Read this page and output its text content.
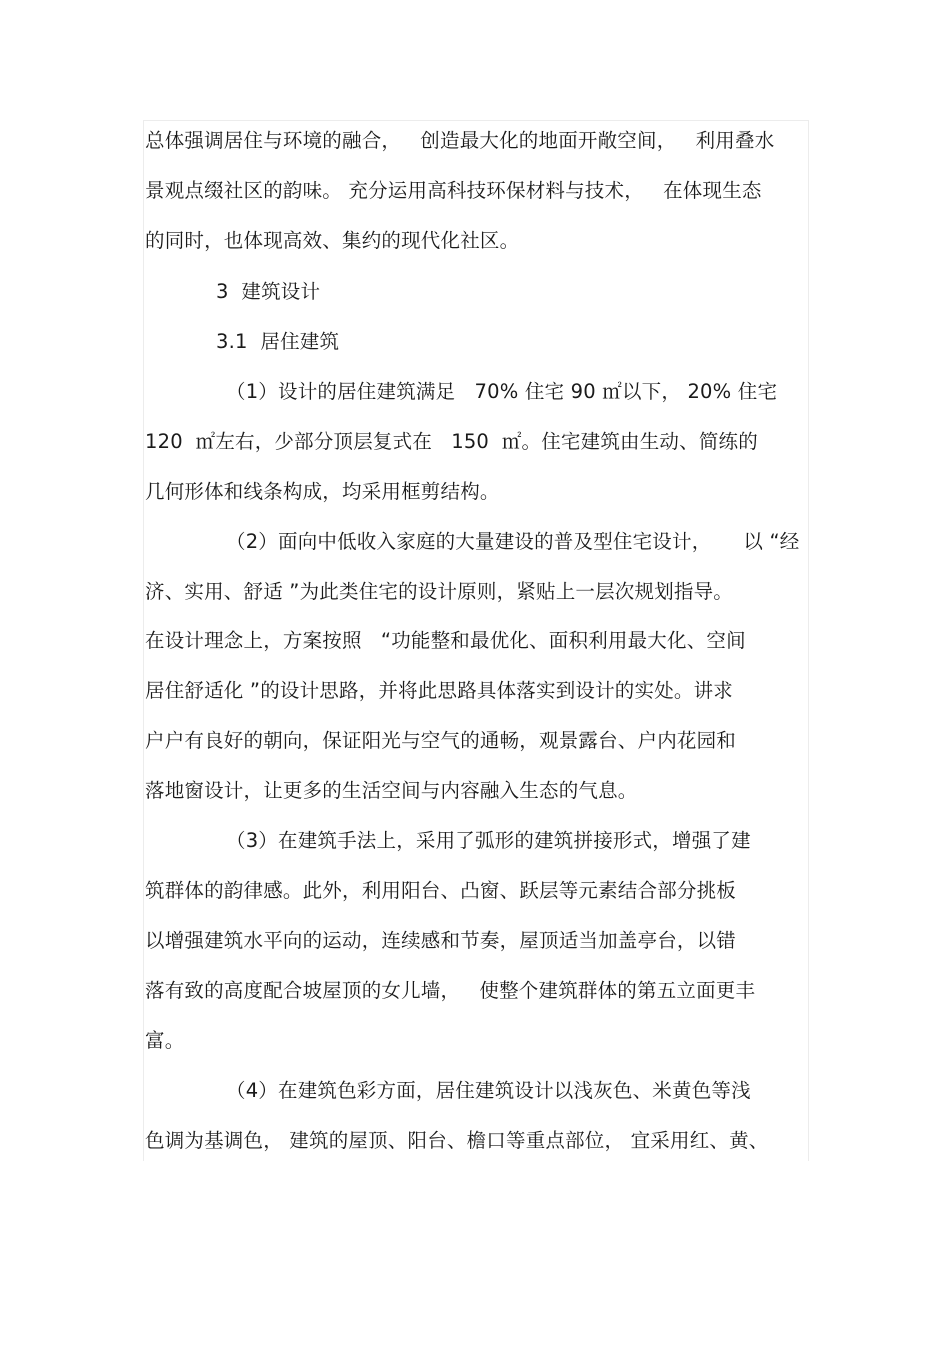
总体强调居住与环境的融合，   创造最大化的地面开敞空间，   利用叠水
景观点缀社区的韵味。 充分运用高科技环保材料与技术，   在体现生态
的同时，也体现高效、集约的现代化社区。
3  建筑设计
3.1  居住建筑
（1）设计的居住建筑满足   70% 住宅 90 ㎡以下， 20% 住宅
120  ㎡左右，少部分顶层复式在   150  ㎡。住宅建筑由生动、简练的
几何形体和线条构成，均采用框剪结构。
（2）面向中低收入家庭的大量建设的普及型住宅设计，     以 “经
济、实用、舒适 ”为此类住宅的设计原则，紧贴上一层次规划指导。
在设计理念上，方案按照   “功能整和最优化、面积利用最大化、空间
居住舒适化 ”的设计思路，并将此思路具体落实到设计的实处。讲求
户户有良好的朝向，保证阳光与空气的通畅，观景露台、户内花园和
落地窗设计，让更多的生活空间与内容融入生态的气息。
（3）在建筑手法上，采用了弧形的建筑拼接形式，增强了建
筑群体的韵律感。此外，利用阳台、凸窗、跃层等元素结合部分挑板
以增强建筑水平向的运动，连续感和节奏，屋顶适当加盖亭台，以错
落有致的高度配合坡屋顶的女儿墙，   使整个建筑群体的第五立面更丰
富。
（4）在建筑色彩方面，居住建筑设计以浅灰色、米黄色等浅
色调为基调色， 建筑的屋顶、阳台、檐口等重点部位， 宜采用红、黄、
